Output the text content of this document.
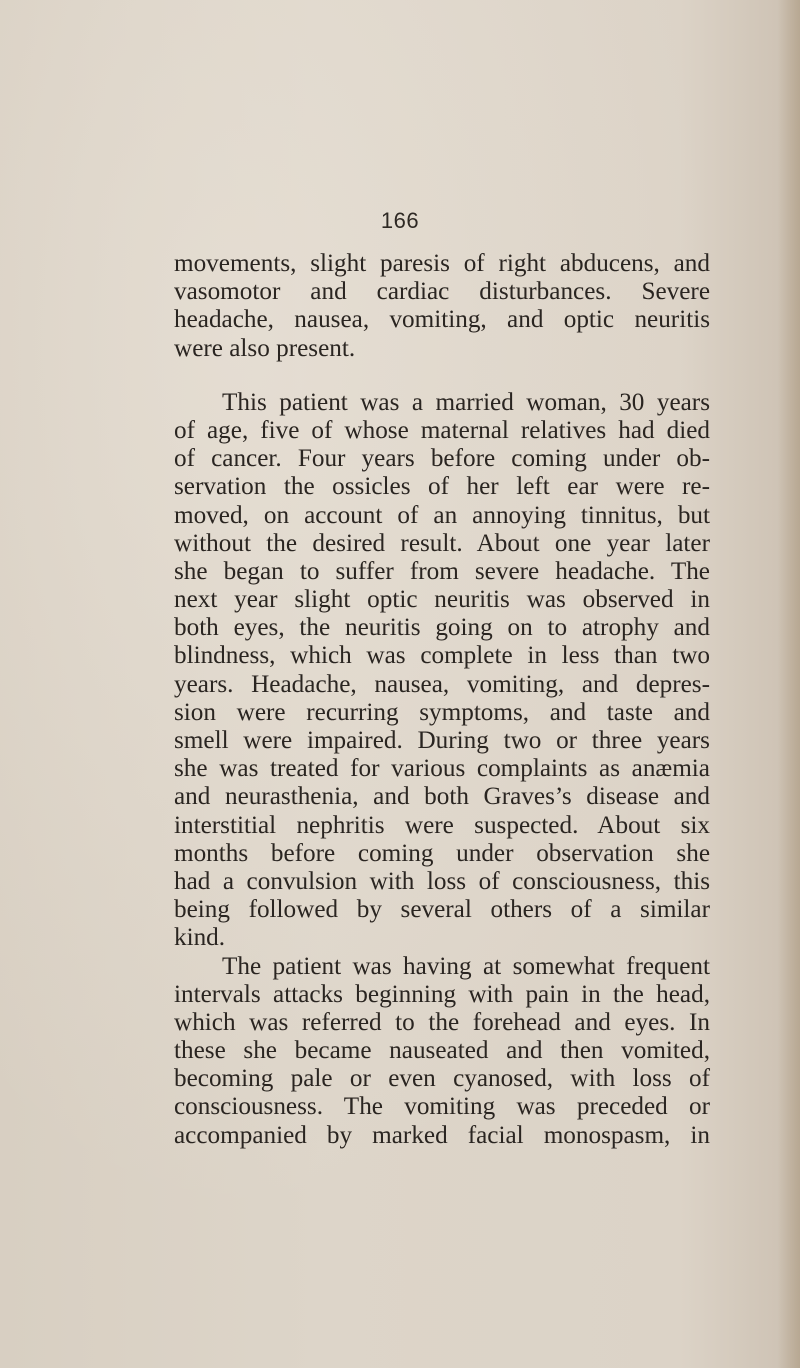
166
movements, slight paresis of right abducens, and
vasomotor and cardiac disturbances. Severe
headache, nausea, vomiting, and optic neuritis
were also present.
This patient was a married woman, 30 years
of age, five of whose maternal relatives had died
of cancer. Four years before coming under ob-
servation the ossicles of her left ear were re-
moved, on account of an annoying tinnitus, but
without the desired result. About one year later
she began to suffer from severe headache. The
next year slight optic neuritis was observed in
both eyes, the neuritis going on to atrophy and
blindness, which was complete in less than two
years. Headache, nausea, vomiting, and depres-
sion were recurring symptoms, and taste and
smell were impaired. During two or three years
she was treated for various complaints as anæmia
and neurasthenia, and both Graves’s disease and
interstitial nephritis were suspected. About six
months before coming under observation she
had a convulsion with loss of consciousness, this
being followed by several others of a similar
kind.
The patient was having at somewhat frequent
intervals attacks beginning with pain in the head,
which was referred to the forehead and eyes. In
these she became nauseated and then vomited,
becoming pale or even cyanosed, with loss of
consciousness. The vomiting was preceded or
accompanied by marked facial monospasm, in
